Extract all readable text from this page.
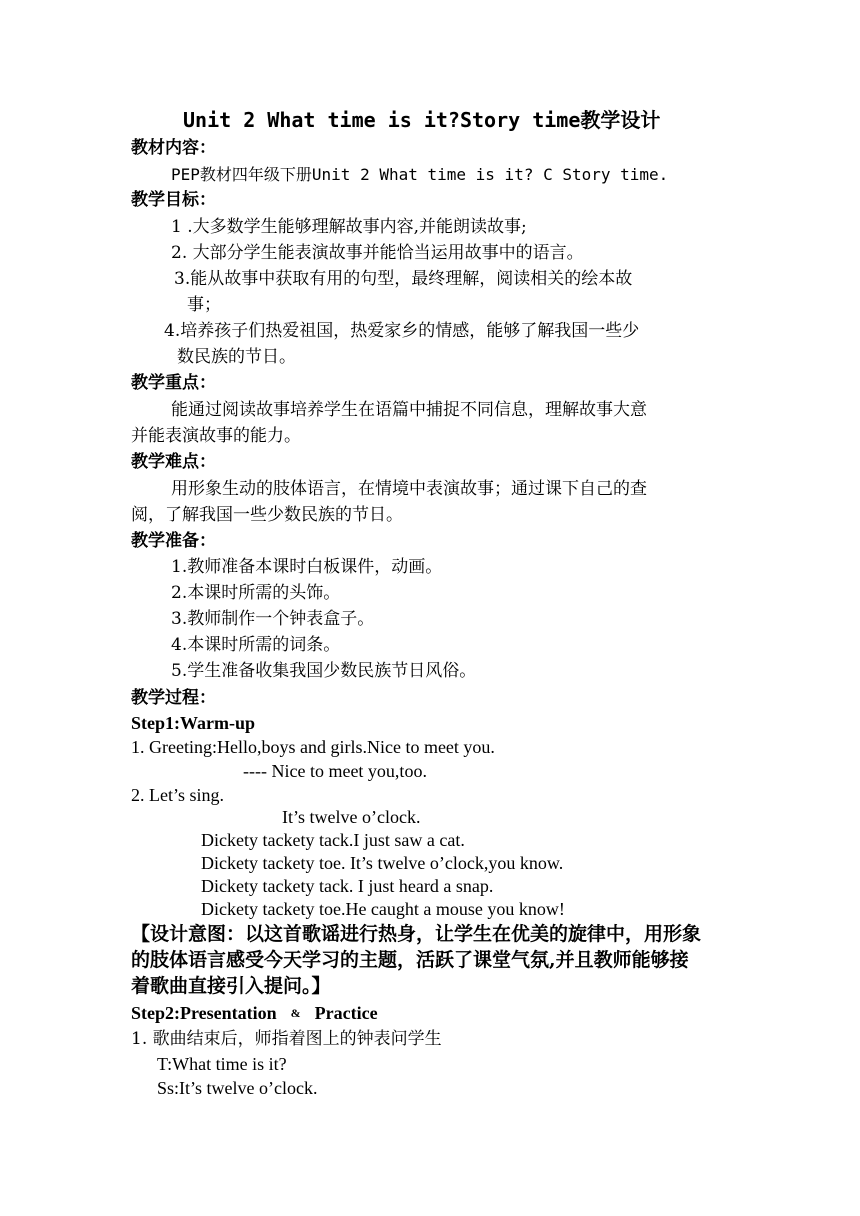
Unit 2 What time is it?Story time教学设计
教材内容：
PEP教材四年级下册Unit 2 What time is it? C Story time.
教学目标：
1 .大多数学生能够理解故事内容,并能朗读故事;
2. 大部分学生能表演故事并能恰当运用故事中的语言。
3.能从故事中获取有用的句型，最终理解，阅读相关的绘本故
事；
4.培养孩子们热爱祖国，热爱家乡的情感，能够了解我国一些少
数民族的节日。
教学重点：
能通过阅读故事培养学生在语篇中捕捉不同信息，理解故事大意
并能表演故事的能力。
教学难点：
用形象生动的肢体语言，在情境中表演故事；通过课下自己的查
阅，了解我国一些少数民族的节日。
教学准备：
1.教师准备本课时白板课件，动画。
2.本课时所需的头饰。
3.教师制作一个钟表盒子。
4.本课时所需的词条。
5.学生准备收集我国少数民族节日风俗。
教学过程：
Step1:Warm-up
1. Greeting:Hello,boys and girls.Nice to meet you.
---- Nice to meet you,too.
2. Let’s sing.
It’s twelve o’clock.
Dickety tackety tack.I just saw a cat.
Dickety tackety toe. It’s twelve o’clock,you know.
Dickety tackety tack. I just heard a snap.
Dickety tackety toe.He caught a mouse you know!
【设计意图：以这首歌谣进行热身，让学生在优美的旋律中，用形象
的肢体语言感受今天学习的主题，活跃了课堂气氛,并且教师能够接
着歌曲直接引入提问。】
Step2:Presentation & Practice
1. 歌曲结束后，师指着图上的钟表问学生
T:What time is it?
Ss:It’s twelve o’clock.
